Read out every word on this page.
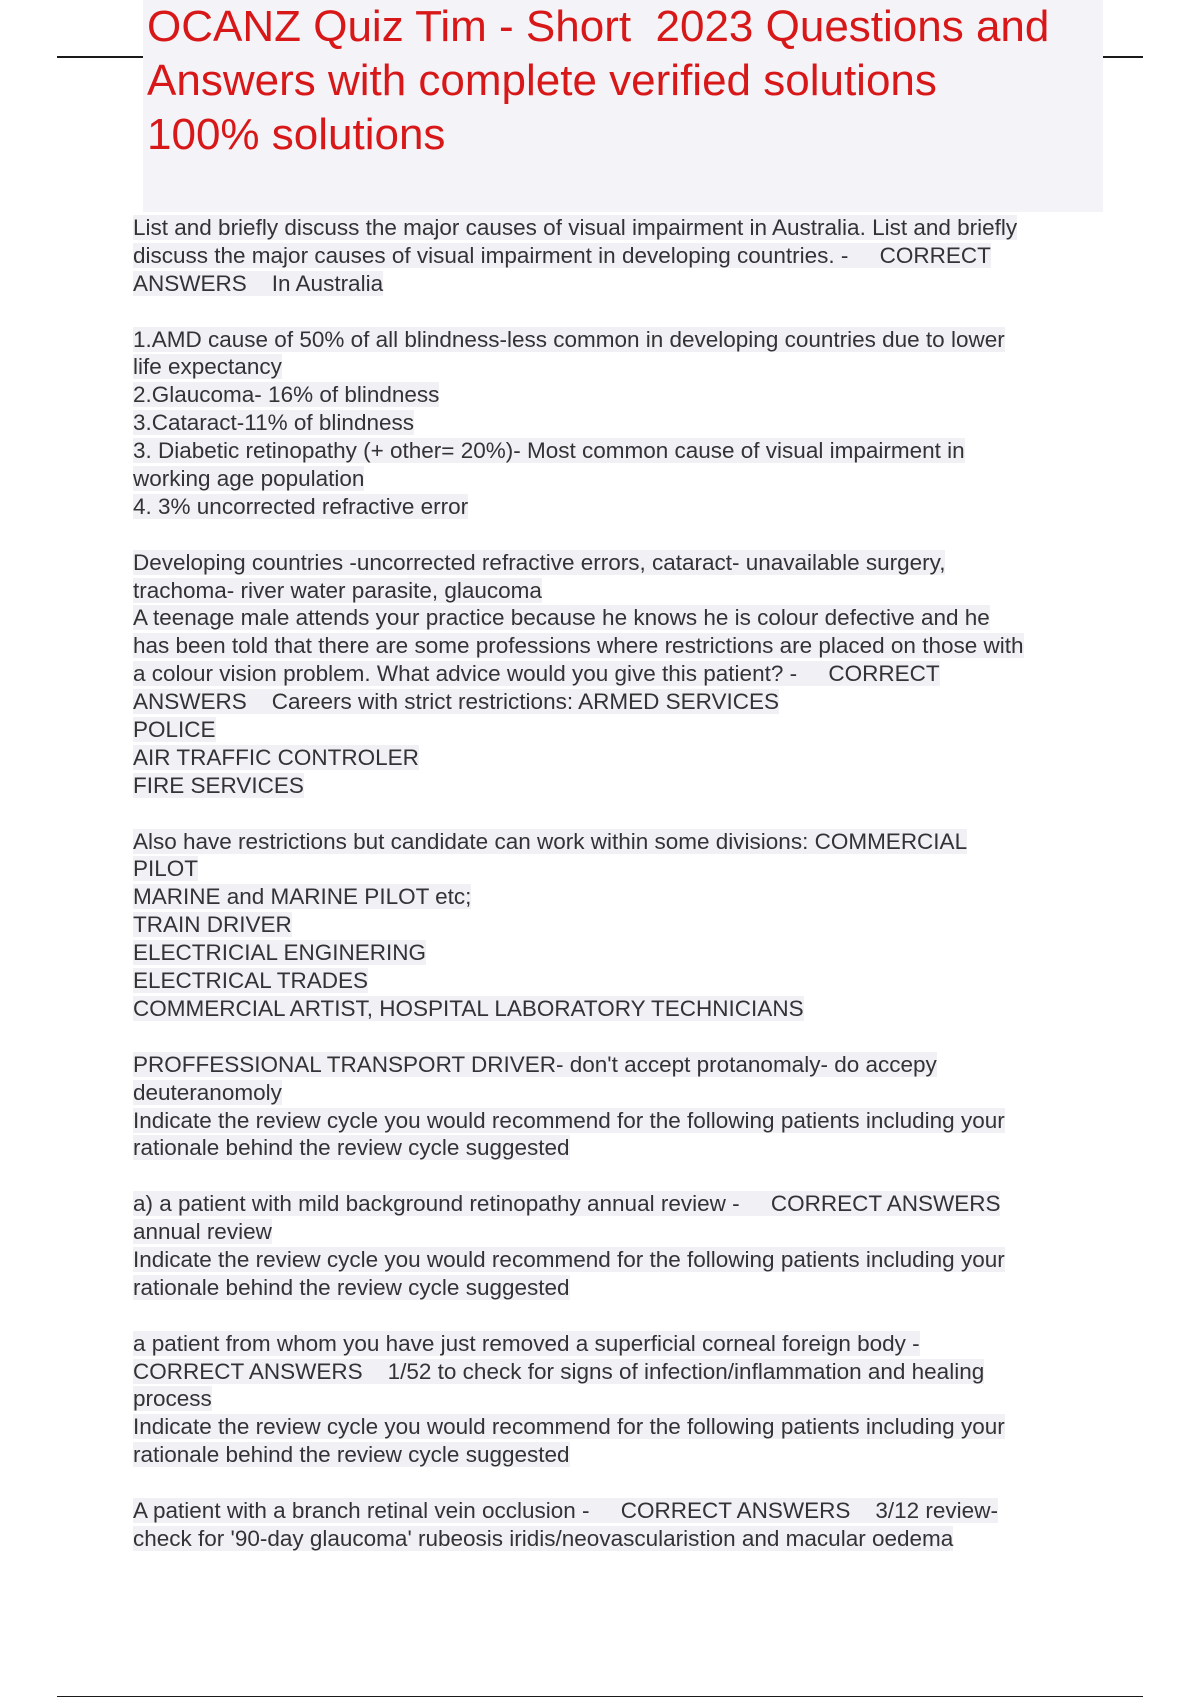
OCANZ Quiz Tim - Short  2023 Questions and
Answers with complete verified solutions
100% solutions
List and briefly discuss the major causes of visual impairment in Australia. List and briefly
discuss the major causes of visual impairment in developing countries. -     CORRECT
ANSWERS    In Australia
1.AMD cause of 50% of all blindness-less common in developing countries due to lower
life expectancy
2.Glaucoma- 16% of blindness
3.Cataract-11% of blindness
3. Diabetic retinopathy (+ other= 20%)- Most common cause of visual impairment in
working age population
4. 3% uncorrected refractive error
Developing countries -uncorrected refractive errors, cataract- unavailable surgery,
trachoma- river water parasite, glaucoma
A teenage male attends your practice because he knows he is colour defective and he
has been told that there are some professions where restrictions are placed on those with
a colour vision problem. What advice would you give this patient? -     CORRECT
ANSWERS    Careers with strict restrictions: ARMED SERVICES
POLICE
AIR TRAFFIC CONTROLER
FIRE SERVICES
Also have restrictions but candidate can work within some divisions: COMMERCIAL
PILOT
MARINE and MARINE PILOT etc;
TRAIN DRIVER
ELECTRICIAL ENGINERING
ELECTRICAL TRADES
COMMERCIAL ARTIST, HOSPITAL LABORATORY TECHNICIANS
PROFFESSIONAL TRANSPORT DRIVER- don't accept protanomaly- do accepy
deuteranomoly
Indicate the review cycle you would recommend for the following patients including your
rationale behind the review cycle suggested
a) a patient with mild background retinopathy annual review -     CORRECT ANSWERS
annual review
Indicate the review cycle you would recommend for the following patients including your
rationale behind the review cycle suggested
a patient from whom you have just removed a superficial corneal foreign body -
CORRECT ANSWERS    1/52 to check for signs of infection/inflammation and healing
process
Indicate the review cycle you would recommend for the following patients including your
rationale behind the review cycle suggested
A patient with a branch retinal vein occlusion -     CORRECT ANSWERS    3/12 review-
check for '90-day glaucoma' rubeosis iridis/neovascularistion and macular oedema
